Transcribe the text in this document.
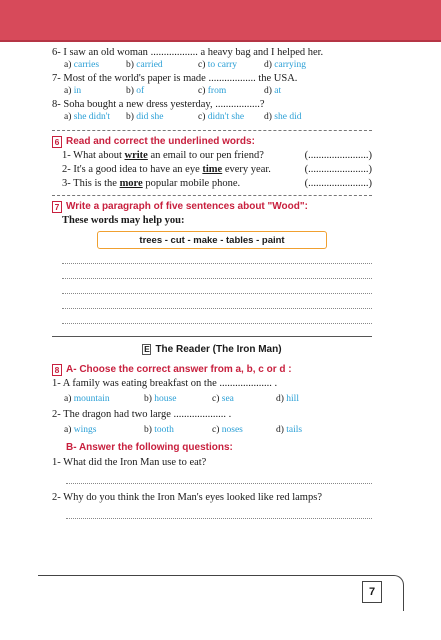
6- I saw an old woman .................. a heavy bag and I helped her.
a) carries	b) carried	c) to carry	d) carrying
7- Most of the world's paper is made .................. the USA.
a) in	b) of	c) from	d) at
8- Soha bought a new dress yesterday, .................?
a) she didn't	b) did she	c) didn't she	d) she did
6 Read and correct the underlined words:
1- What about write an email to our pen friend?	(.......................)
2- It's a good idea to have an eye time every year.	(.......................)
3- This is the more popular mobile phone.	(.......................)
7 Write a paragraph of five sentences about "Wood":
These words may help you:
trees - cut - make - tables - paint
E The Reader (The Iron Man)
8 A- Choose the correct answer from a, b, c or d :
1- A family was eating breakfast on the .................... .
a) mountain	b) house	c) sea	d) hill
2- The dragon had two large .................... .
a) wings	b) tooth	c) noses	d) tails
B- Answer the following questions:
1- What did the Iron Man use to eat?
2- Why do you think the Iron Man's eyes looked like red lamps?
7
